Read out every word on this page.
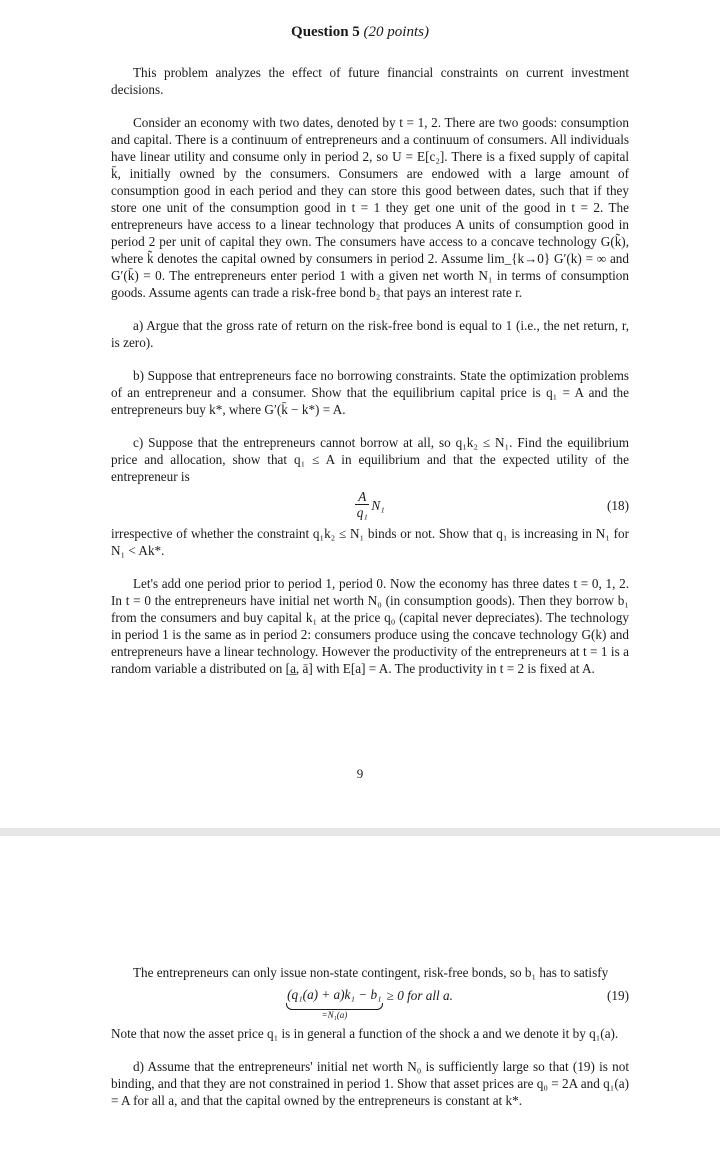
Question 5 (20 points)

This problem analyzes the effect of future financial constraints on current investment decisions.

Consider an economy with two dates, denoted by t = 1, 2. There are two goods: consumption and capital. There is a continuum of entrepreneurs and a continuum of consumers. All individuals have linear utility and consume only in period 2, so U = E[c₂]. There is a fixed supply of capital k̄, initially owned by the consumers. Consumers are endowed with a large amount of consumption good in each period and they can store this good between dates, such that if they store one unit of the consumption good in t = 1 they get one unit of the good in t = 2. The entrepreneurs have access to a linear technology that produces A units of consumption good in period 2 per unit of capital they own. The consumers have access to a concave technology G(k̃), where k̃ denotes the capital owned by consumers in period 2. Assume lim_{k→0} G′(k) = ∞ and G′(k̄) = 0. The entrepreneurs enter period 1 with a given net worth N₁ in terms of consumption goods. Assume agents can trade a risk-free bond b₂ that pays an interest rate r.

a) Argue that the gross rate of return on the risk-free bond is equal to 1 (i.e., the net return, r, is zero).

b) Suppose that entrepreneurs face no borrowing constraints. State the optimization problems of an entrepreneur and a consumer. Show that the equilibrium capital price is q₁ = A and the entrepreneurs buy k*, where G′(k̄ − k*) = A.

c) Suppose that the entrepreneurs cannot borrow at all, so q₁k₂ ≤ N₁. Find the equilibrium price and allocation, show that q₁ ≤ A in equilibrium and that the expected utility of the entrepreneur is

$\frac{A}{\text{q₁}} N_1$	(18)

irrespective of whether the constraint q₁k₂ ≤ N₁ binds or not. Show that q₁ is increasing in N₁ for N₁ < Ak*.

Let's add one period prior to period 1, period 0. Now the economy has three dates t = 0, 1, 2. In t = 0 the entrepreneurs have initial net worth N₀ (in consumption goods). Then they borrow b₁ from the consumers and buy capital k₁ at the price q₀ (capital never depreciates). The technology in period 1 is the same as in period 2: consumers produce using the concave technology G(k) and entrepreneurs have a linear technology. However the productivity of the entrepreneurs at t = 1 is a random variable a distributed on [a̲, ā] with E[a] = A. The productivity in t = 2 is fixed at A.

9

The entrepreneurs can only issue non-state contingent, risk-free bonds, so b₁ has to satisfy

(q₁(a) + a)k₁ − b₁
=N₁(a)
≥ 0 for all a.	(19)

Note that now the asset price q₁ is in general a function of the shock a and we denote it by q₁(a).

d) Assume that the entrepreneurs' initial net worth N₀ is sufficiently large so that (19) is not binding, and that they are not constrained in period 1. Show that asset prices are q₀ = 2A and q₁(a) = A for all a, and that the capital owned by the entrepreneurs is constant at k*.
